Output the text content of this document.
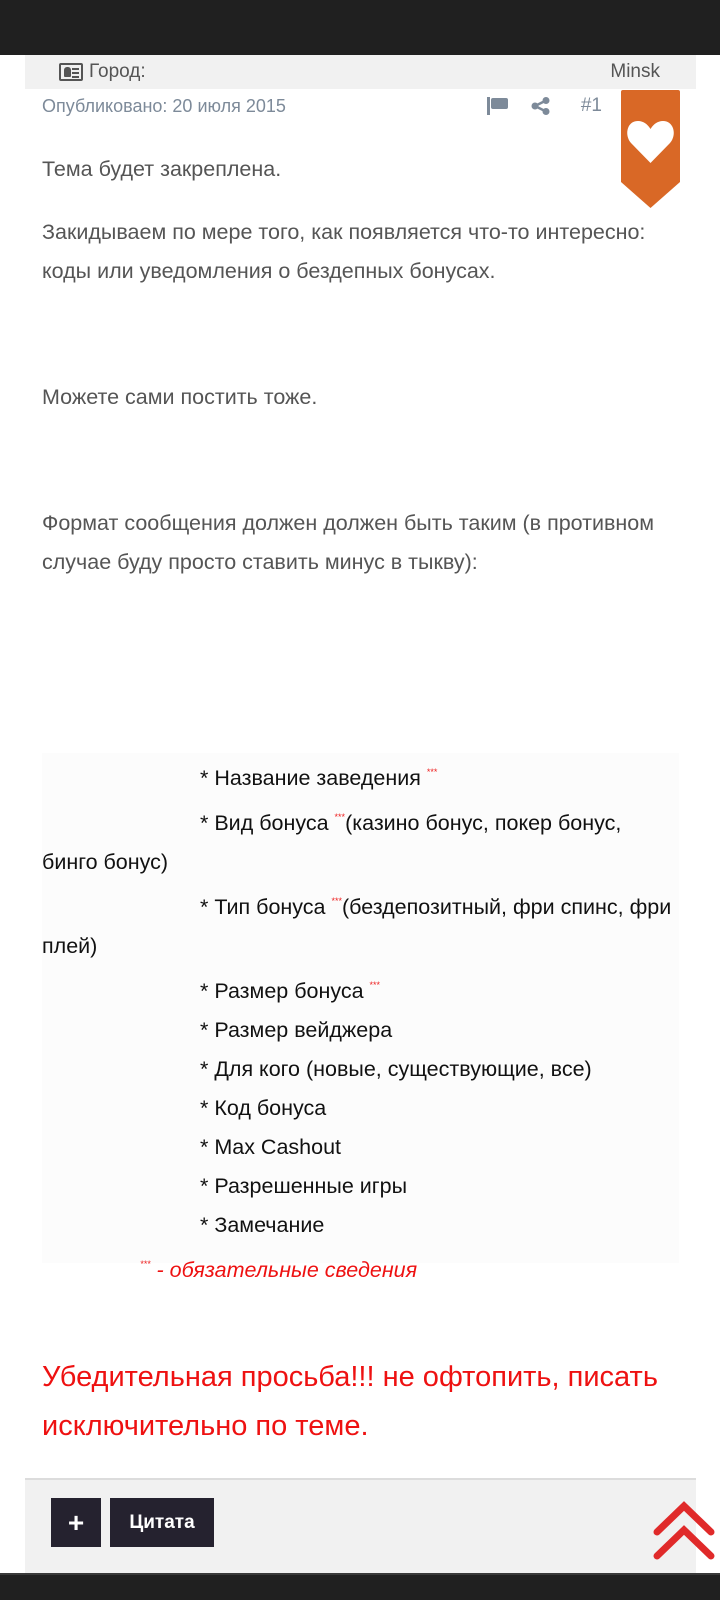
Город:	Minsk
Опубликовано: 20 июля 2015	#1

Тема будет закреплена.

Закидываем по мере того, как появляется что-то интересно: коды или уведомления о бездепных бонусах.

Можете сами постить тоже.

Формат сообщения должен должен быть таким (в противном случае буду просто ставить минус в тыкву):

* Название заведения ***
* Вид бонуса ***(казино бонус, покер бонус, бинго бонус)
* Тип бонуса ***(бездепозитный, фри спинс, фри плей)
* Размер бонуса ***
* Размер вейджера
* Для кого (новые, существующие, все)
* Код бонуса
* Max Cashout
* Разрешенные игры
* Замечание
*** - обязательные сведения
Убедительная просьба!!! не офтопить, писать исключительно по теме.
+	Цитата
